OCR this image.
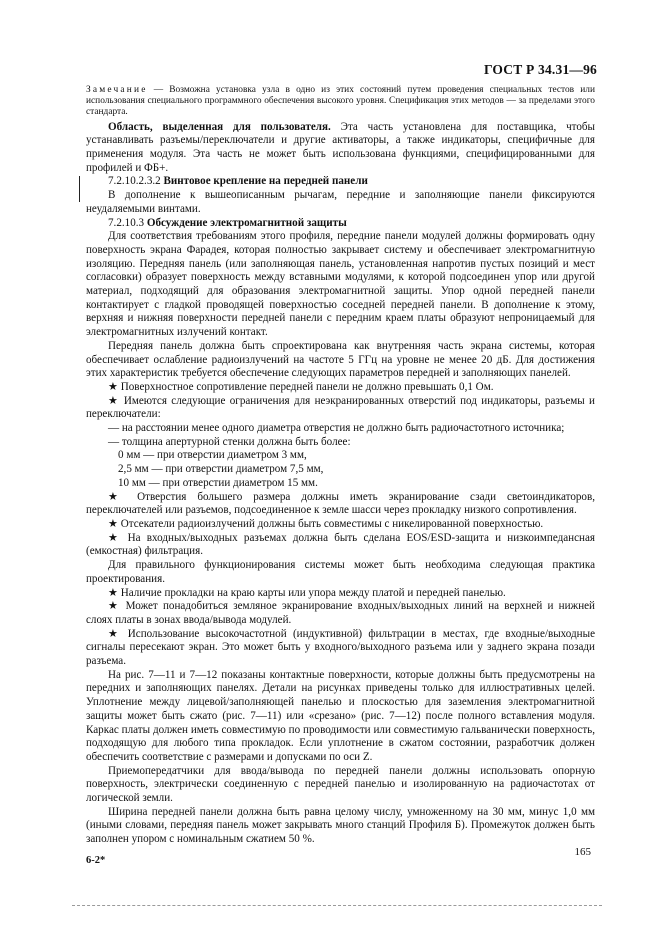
ГОСТ Р 34.31—96
Замечание — Возможна установка узла в одно из этих состояний путем проведения специальных тестов или использования специального программного обеспечения высокого уровня. Спецификация этих методов — за пределами этого стандарта.

Область, выделенная для пользователя. Эта часть установлена для поставщика, чтобы устанавливать разъемы/переключатели и другие активаторы, а также индикаторы, специфичные для применения модуля. Эта часть не может быть использована функциями, специфицированными для профилей и ФБ+.

7.2.10.2.3.2 Винтовое крепление на передней панели

В дополнение к вышеописанным рычагам, передние и заполняющие панели фиксируются неудаляемыми винтами.

7.2.10.3 Обсуждение электромагнитной защиты

Для соответствия требованиям этого профиля, передние панели модулей должны формировать одну поверхность экрана Фарадея, которая полностью закрывает систему и обеспечивает электромагнитную изоляцию. Передняя панель (или заполняющая панель, установленная напротив пустых позиций и мест согласовки) образует поверхность между вставными модулями, к которой подсоединен упор или другой материал, подходящий для образования электромагнитной защиты. Упор одной передней панели контактирует с гладкой проводящей поверхностью соседней передней панели. В дополнение к этому, верхняя и нижняя поверхности передней панели с передним краем платы образуют непроницаемый для электромагнитных излучений контакт.

Передняя панель должна быть спроектирована как внутренняя часть экрана системы, которая обеспечивает ослабление радиоизлучений на частоте 5 ГГц на уровне не менее 20 дБ. Для достижения этих характеристик требуется обеспечение следующих параметров передней и заполняющих панелей.

★ Поверхностное сопротивление передней панели не должно превышать 0,1 Ом.

★ Имеются следующие ограничения для неэкранированных отверстий под индикаторы, разъемы и переключатели:

— на расстоянии менее одного диаметра отверстия не должно быть радиочастотного источника;

— толщина апертурной стенки должна быть более:

0 мм — при отверстии диаметром 3 мм,

2,5 мм — при отверстии диаметром 7,5 мм,

10 мм — при отверстии диаметром 15 мм.

★ Отверстия большего размера должны иметь экранирование сзади светоиндикаторов, переключателей или разъемов, подсоединенное к земле шасси через прокладку низкого сопротивления.

★ Отсекатели радиоизлучений должны быть совместимы с никелированной поверхностью.

★ На входных/выходных разъемах должна быть сделана EOS/ESD-защита и низкоимпедансная (емкостная) фильтрация.

Для правильного функционирования системы может быть необходима следующая практика проектирования.

★ Наличие прокладки на краю карты или упора между платой и передней панелью.

★ Может понадобиться земляное экранирование входных/выходных линий на верхней и нижней слоях платы в зонах ввода/вывода модулей.

★ Использование высокочастотной (индуктивной) фильтрации в местах, где входные/выходные сигналы пересекают экран. Это может быть у входного/выходного разъема или у заднего экрана позади разъема.

На рис. 7—11 и 7—12 показаны контактные поверхности, которые должны быть предусмотрены на передних и заполняющих панелях. Детали на рисунках приведены только для иллюстративных целей. Уплотнение между лицевой/заполняющей панелью и плоскостью для заземления электромагнитной защиты может быть сжато (рис. 7—11) или «срезано» (рис. 7—12) после полного вставления модуля. Каркас платы должен иметь совместимую по проводимости или совместимую гальванически поверхность, подходящую для любого типа прокладок. Если уплотнение в сжатом состоянии, разработчик должен обеспечить соответствие с размерами и допусками по оси Z.

Приемопередатчики для ввода/вывода по передней панели должны использовать опорную поверхность, электрически соединенную с передней панелью и изолированную на радиочастотах от логической земли.

Ширина передней панели должна быть равна целому числу, умноженному на 30 мм, минус 1,0 мм (иными словами, передняя панель может закрывать много станций Профиля Б). Промежуток должен быть заполнен упором с номинальным сжатием 50 %.

165
6-2*
